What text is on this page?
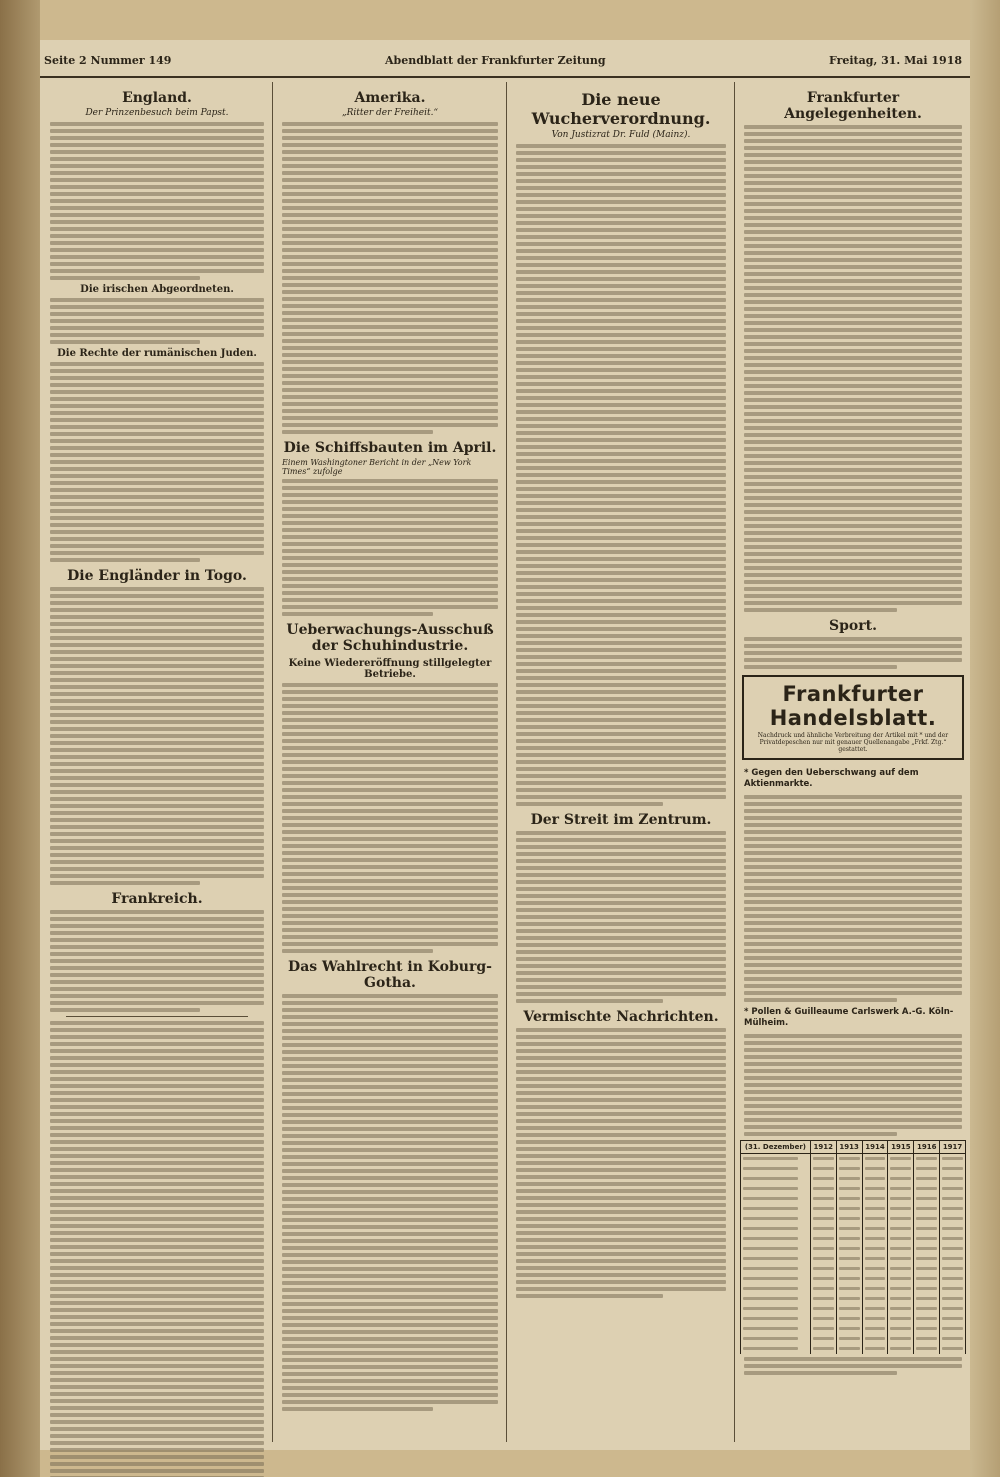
Seite 2 Nummer 149	Abendblatt der Frankfurter Zeitung	Freitag, 31. Mai 1918
England.
Der Prinzenbesuch beim Papst.
Die irischen Abgeordneten.
Die Rechte der rumänischen Juden.
Die Engländer in Togo.
Frankreich.
Amerika.
„Ritter der Freiheit.“
Die Schiffsbauten im April.
Einem Washingtoner Bericht in der „New York Times“ zufolge
Ueberwachungs-Ausschuß der Schuhindustrie.
Keine Wiedereröffnung stillgelegter Betriebe.
Das Wahlrecht in Koburg-Gotha.
Die neue Wucherverordnung.
Von Justizrat Dr. Fuld (Mainz).
Der Streit im Zentrum.
Vermischte Nachrichten.
Frankfurter Angelegenheiten.
Sport.
Frankfurter Handelsblatt.
Nachdruck und ähnliche Verbreitung der Artikel mit * und der Privatdepeschen nur mit genauer Quellenangabe „Frkf. Ztg.“ gestattet.
* Gegen den Ueberschwang auf dem Aktienmarkte.
* Pollen & Guilleaume Carlswerk A.-G. Köln-Mülheim.
(31. Dezember)	1912	1913	1914	1915	1916	1917
